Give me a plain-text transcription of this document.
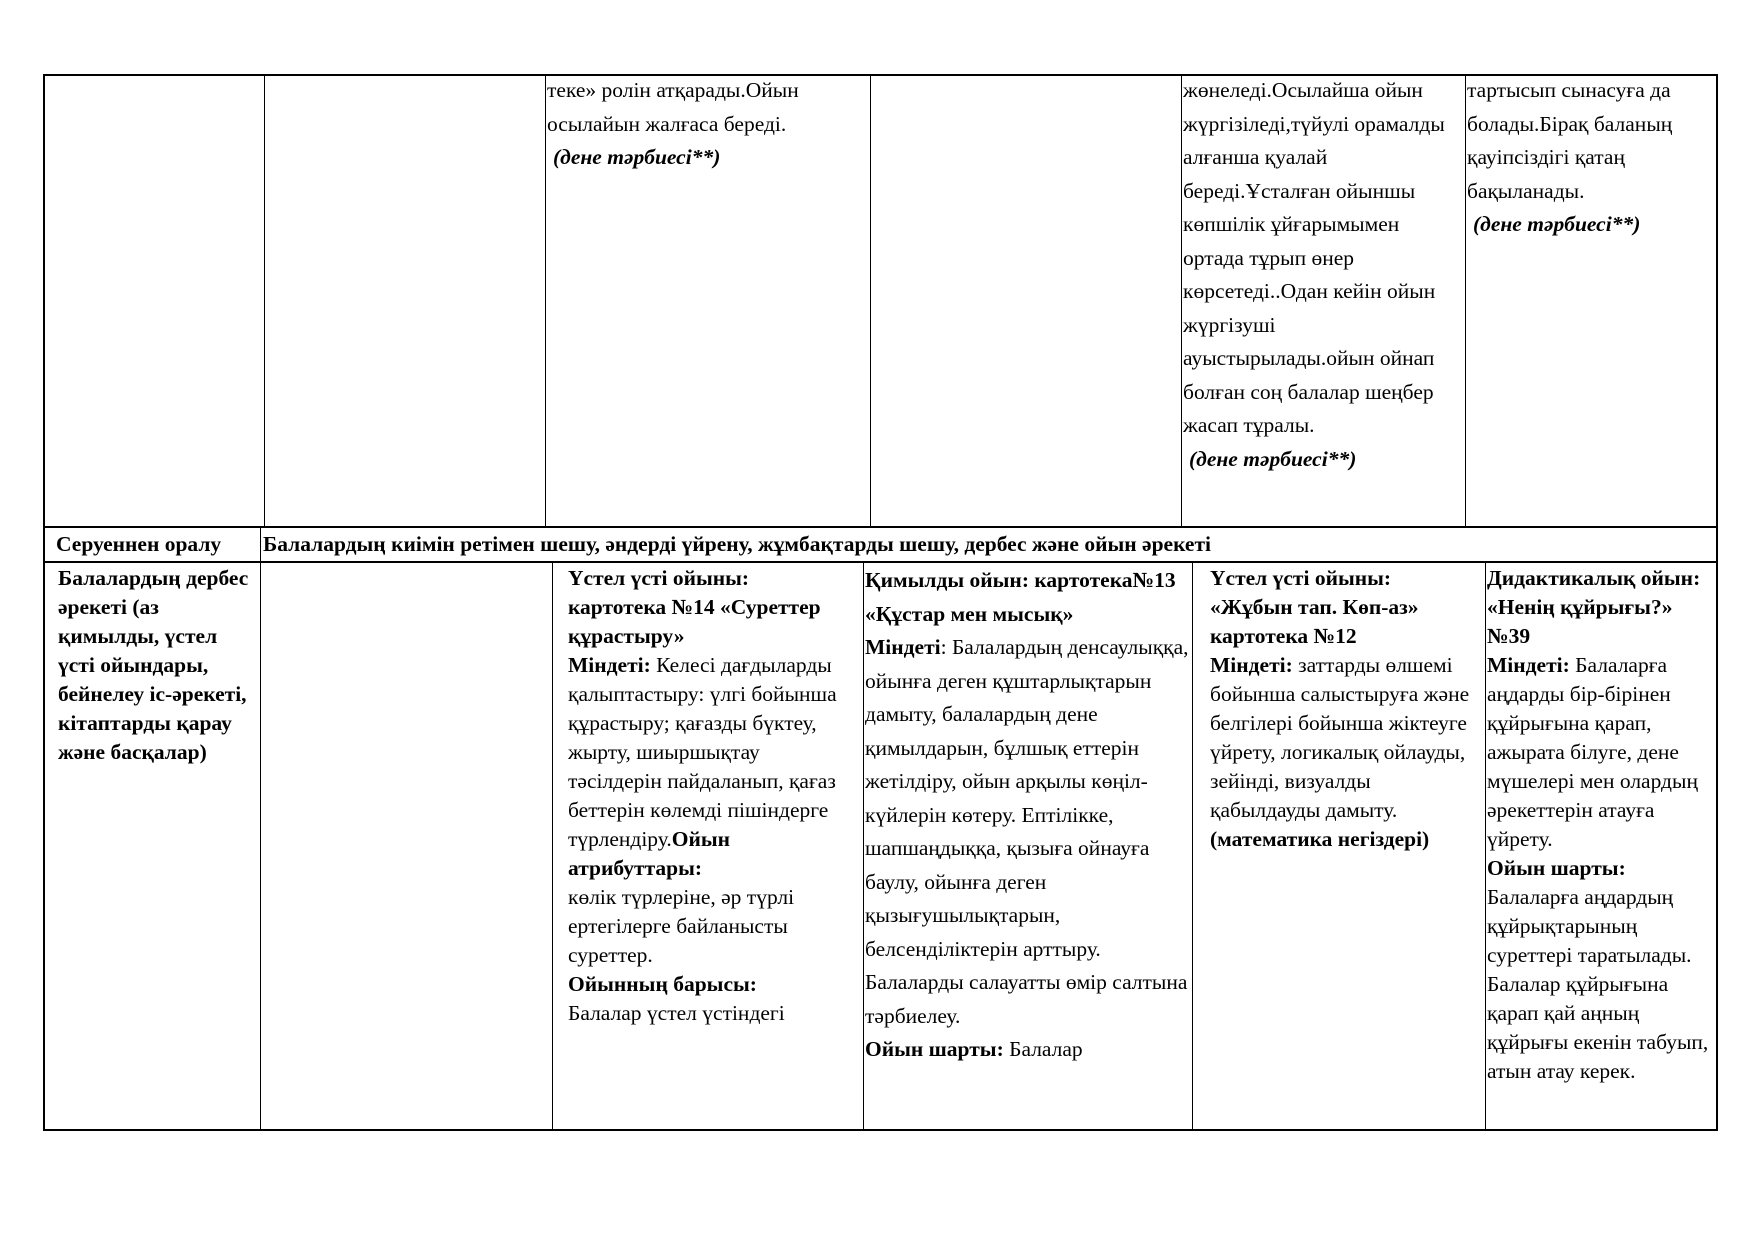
теке» ролін атқарады.Ойын осылайын жалғаса береді.
(дене тәрбиесі**)
жөнеледі.Осылайша ойын жүргізіледі,түйулі орамалды алғанша қуалай береді.Ұсталған ойыншы көпшілік ұйғарымымен ортада тұрып өнер көрсетеді..Одан кейін ойын жүргізуші ауыстырылады.ойын ойнап болған соң балалар шеңбер жасап тұралы.
(дене тәрбиесі**)
тартысып сынасуға да болады.Бірақ баланың қауіпсіздігі қатаң бақыланады.
(дене тәрбиесі**)
Серуеннен оралу	Балалардың киімін ретімен шешу, әндерді үйрену, жұмбақтарды шешу, дербес және ойын әрекеті
Балалардың дербес әрекеті (аз қимылды, үстел үсті ойындары, бейнелеу іс-әрекеті, кітаптарды қарау және басқалар)
Үстел үсті ойыны: картотека №14 «Суреттер құрастыру»
Міндеті: Келесі дағдыларды қалыптастыру: үлгі бойынша құрастыру; қағазды бүктеу, жырту, шиыршықтау тәсілдерін пайдаланып, қағаз беттерін көлемді пішіндерге түрлендіру.Ойын атрибуттары:
көлік түрлеріне, әр түрлі ертегілерге байланысты суреттер.
Ойынның барысы:
Балалар үстел үстіндегі
Қимылды ойын: картотека№13 «Құстар мен мысық»
Міндеті: Балалардың денсаулыққа, ойынға деген құштарлықтарын дамыту, балалардың дене қимылдарын, бұлшық еттерін жетілдіру, ойын арқылы көңіл-күйлерін көтеру. Ептілікке, шапшаңдыққа, қызыға ойнауға баулу, ойынға деген қызығушылықтарын, белсенділіктерін арттыру. Балаларды салауатты өмір салтына тәрбиелеу.
Ойын шарты: Балалар
Үстел үсті ойыны: «Жұбын тап. Көп-аз» картотека №12
Міндеті: заттарды өлшемі бойынша салыстыруға және белгілері бойынша жіктеуге үйрету, логикалық ойлауды, зейінді, визуалды қабылдауды дамыту.
(математика негіздері)
Дидактикалық ойын: «Ненің құйрығы?» №39
Міндеті: Балаларға аңдарды бір-бірінен құйрығына қарап, ажырата білуге, дене мүшелері мен олардың әрекеттерін атауға үйрету.
Ойын шарты:
Балаларға аңдардың құйрықтарының суреттері таратылады. Балалар құйрығына қарап қай аңның құйрығы екенін табуып, атын атау керек.
